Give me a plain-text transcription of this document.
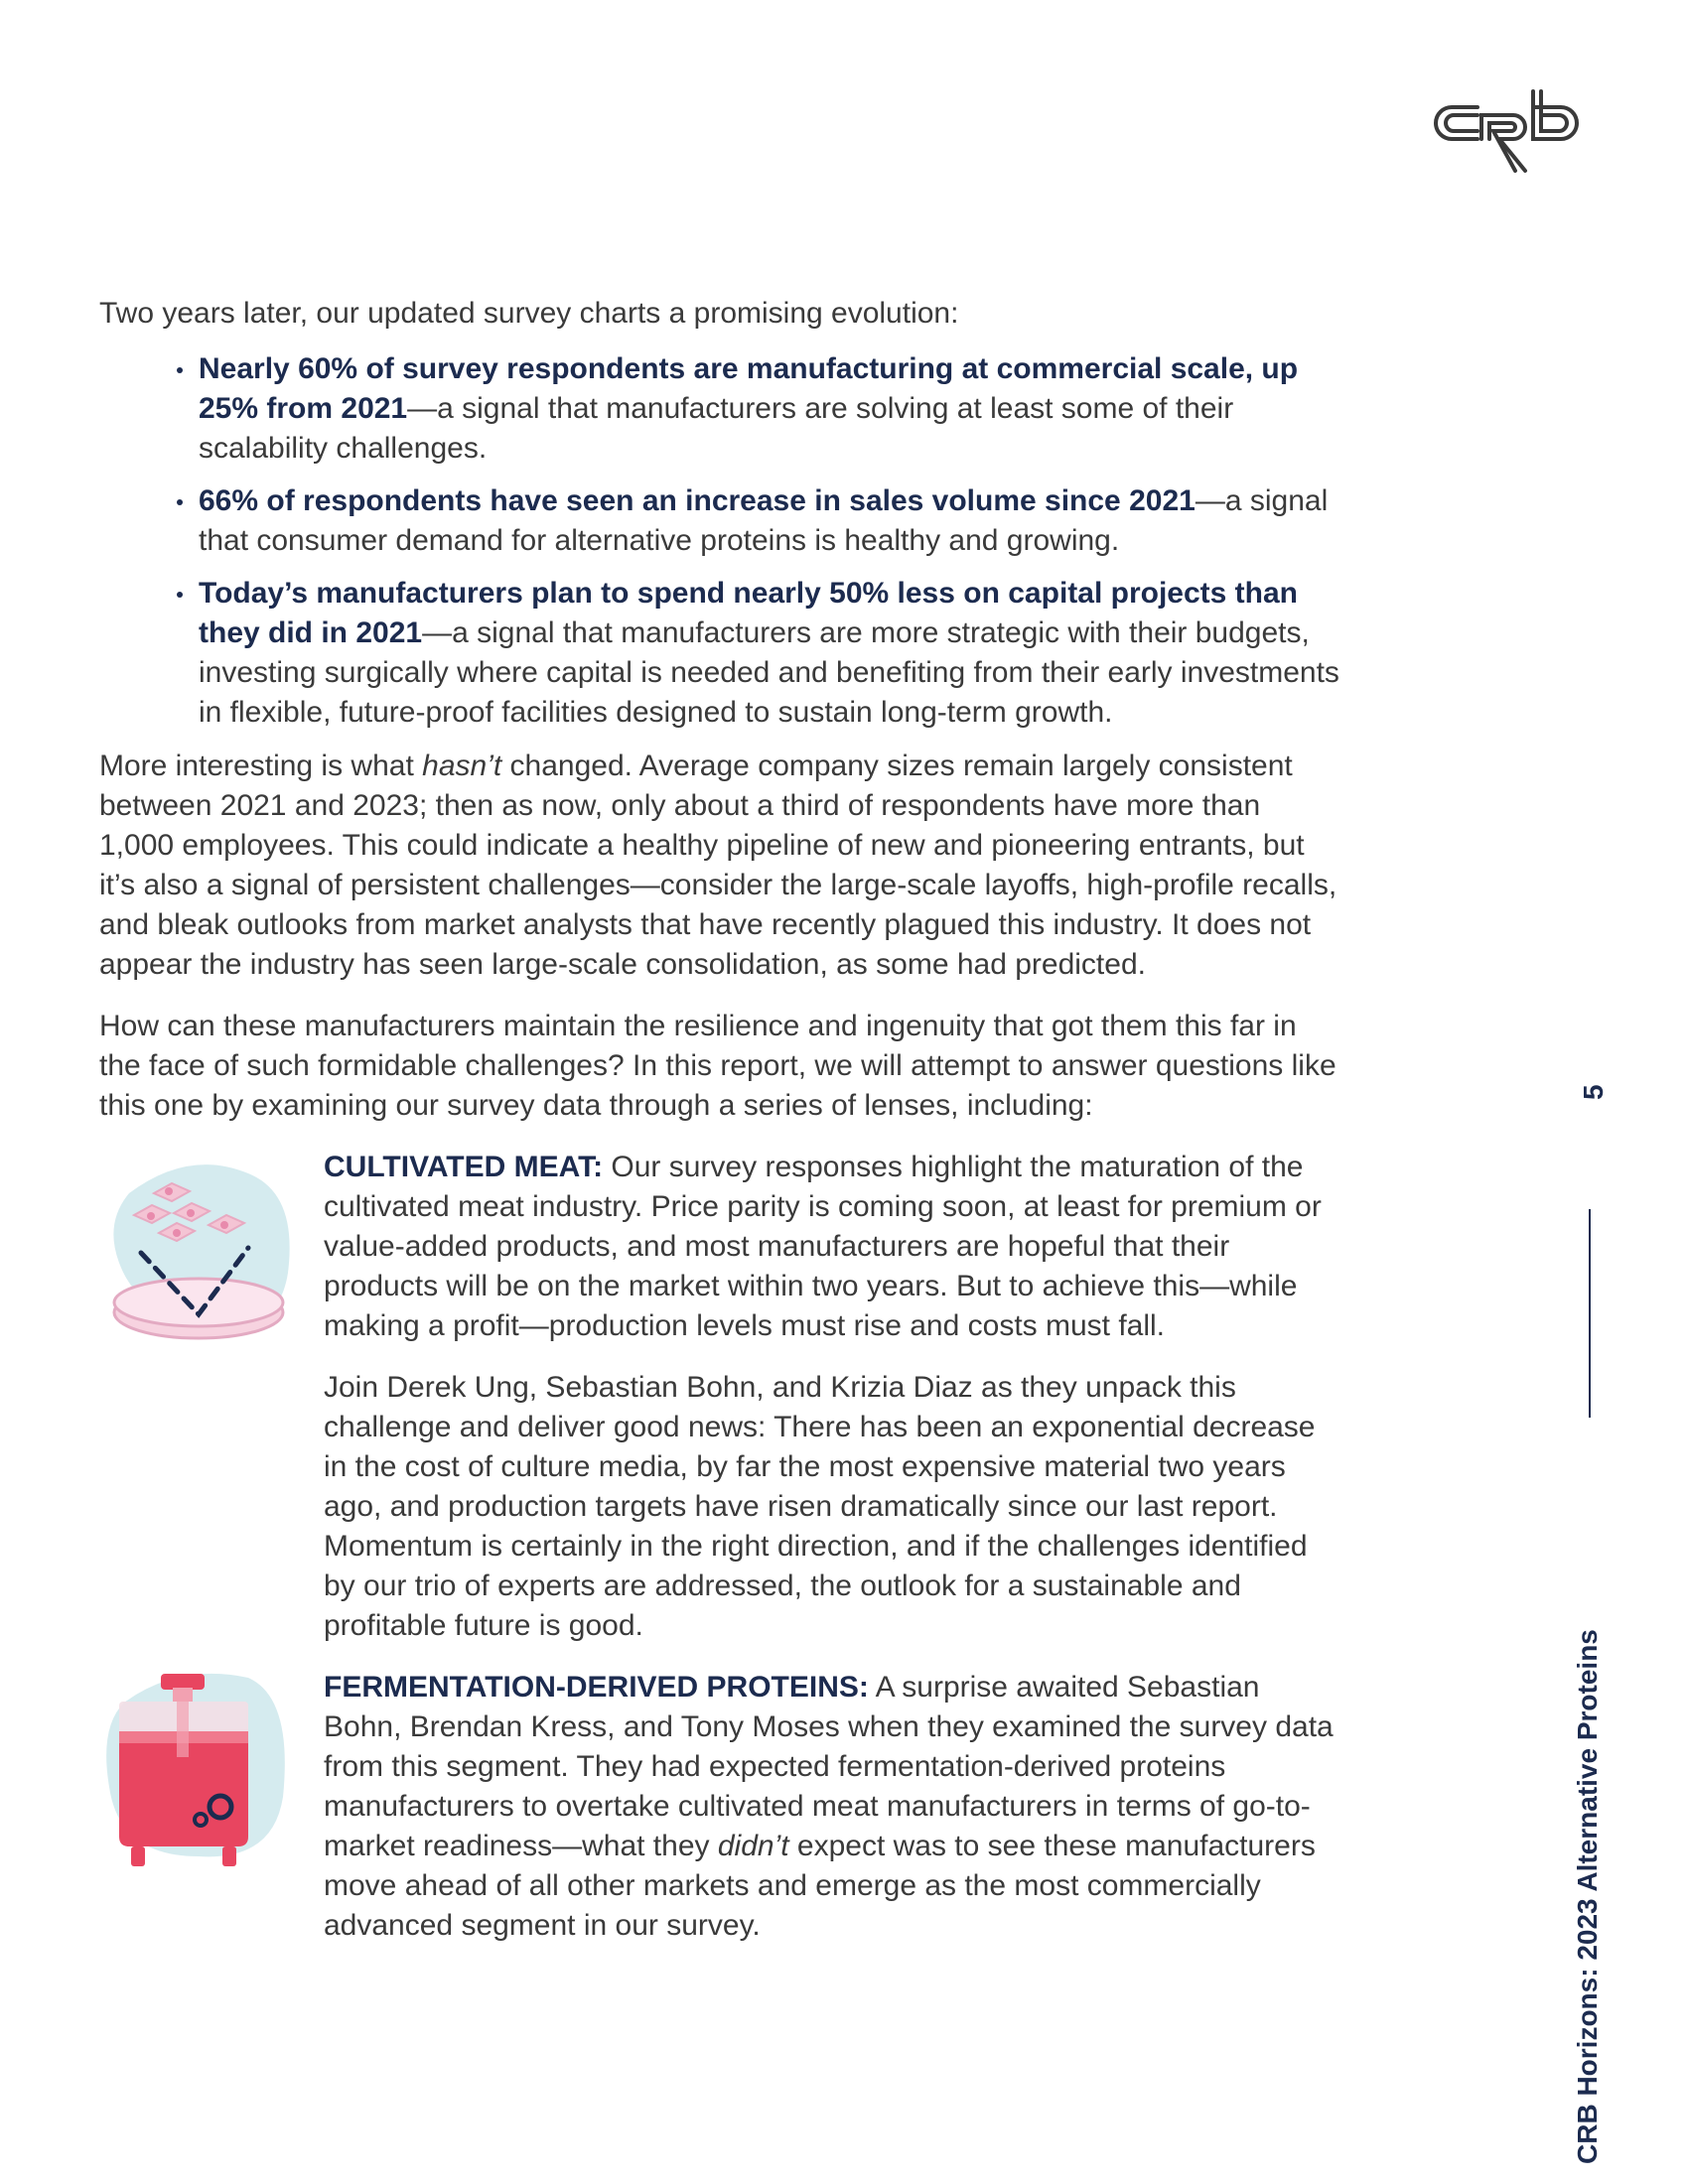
Two years later, our updated survey charts a promising evolution:

Nearly 60% of survey respondents are manufacturing at commercial scale, up 25% from 2021—a signal that manufacturers are solving at least some of their scalability challenges.
66% of respondents have seen an increase in sales volume since 2021—a signal that consumer demand for alternative proteins is healthy and growing.
Today’s manufacturers plan to spend nearly 50% less on capital projects than they did in 2021—a signal that manufacturers are more strategic with their budgets, investing surgically where capital is needed and benefiting from their early investments in flexible, future-proof facilities designed to sustain long-term growth.

More interesting is what hasn’t changed. Average company sizes remain largely consistent between 2021 and 2023; then as now, only about a third of respondents have more than 1,000 employees. This could indicate a healthy pipeline of new and pioneering entrants, but it’s also a signal of persistent challenges—consider the large-scale layoffs, high-profile recalls, and bleak outlooks from market analysts that have recently plagued this industry. It does not appear the industry has seen large-scale consolidation, as some had predicted.

How can these manufacturers maintain the resilience and ingenuity that got them this far in the face of such formidable challenges? In this report, we will attempt to answer questions like this one by examining our survey data through a series of lenses, including:

CULTIVATED MEAT: Our survey responses highlight the maturation of the cultivated meat industry. Price parity is coming soon, at least for premium or value-added products, and most manufacturers are hopeful that their products will be on the market within two years. But to achieve this—while making a profit—production levels must rise and costs must fall.

Join Derek Ung, Sebastian Bohn, and Krizia Diaz as they unpack this challenge and deliver good news: There has been an exponential decrease in the cost of culture media, by far the most expensive material two years ago, and production targets have risen dramatically since our last report. Momentum is certainly in the right direction, and if the challenges identified by our trio of experts are addressed, the outlook for a sustainable and profitable future is good.

FERMENTATION-DERIVED PROTEINS: A surprise awaited Sebastian Bohn, Brendan Kress, and Tony Moses when they examined the survey data from this segment. They had expected fermentation-derived proteins manufacturers to overtake cultivated meat manufacturers in terms of go-to-market readiness—what they didn’t expect was to see these manufacturers move ahead of all other markets and emerge as the most commercially advanced segment in our survey.

5
CRB Horizons: 2023 Alternative Proteins
